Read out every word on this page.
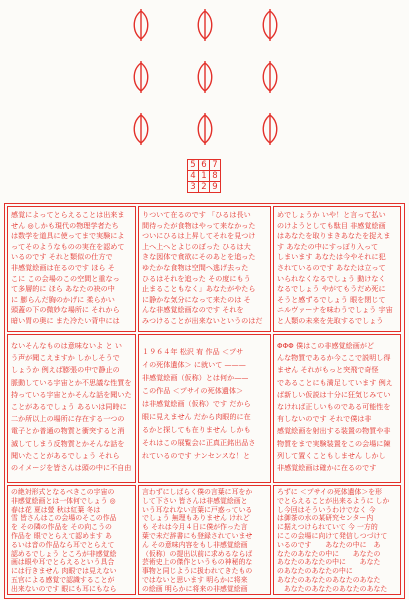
5 6 7
4 1 8
3 2 9
感覚によってとらえることは出来ま
せん ◎しかも現代の物理学者たち
は数学を道具に使ってまで実験によ
ってそのようなものの実在を認めて
いるのです それと類似の仕方で
非感覚絵画は在るのです ほら そ
こに この会場のこの空間と重なっ
て多層的に ほら あなたの袂の中
に 膨らんだ胸のかげに 柔らかい
頭蓋の下の微妙な場所に それから
暗い胃の奥に また冷たい背中には
りついて在るのです 「ひるは長い
間待ったが食物はやって来なかった
ついにひるは上昇してそれを見つけ
上へ上へとよじのぼった ひるは大
きな図体で貪欲にそのあとを追った
ゆたかな食物は空間へ逃げ去った
ひるはそれを追った その度にもう
止まることもなく」あなたがやたら
に静かな気分になって来たのは そ
んな非感覚絵画なのです それを
みつけることが出来ないというのはだ
めでしょうか いや！と言って払い
のけようとしても駄目 非感覚絵画
はあなたを取りまきあなたを捉えま
す あなたの中にすっぽり入って
しまいます あなたは今やそれに犯
されているのです あなたは立って
いられなくなるでしょう 動けなく
なるでしょう やがてもうだめ死に
そうと感ずるでしょう 眼を閉じて
ニルヴァーナを味わうでしょう 宇宙
と人類の未来を先取するでしょう
ないそんなものは意味ないよ と い
う声が聞こえますか しかしそうで
しょうか 例えば膨張の中で静止の
脈動している宇宙とか不思議な性質を
持っている宇宙とかそんな話を聞いた
ことがあるでしょう あるいは同時に
二か所以上の場所に存在する一つの
電子とか普通の物質と衝突すると消
滅してしまう反物質とかそんな話を
聞いたことがあるでしょう それら
のイメージを皆さんは頭の中に不自由
１９６４年 松沢 宥 作品 ＜プサ
イの死体遺体＞ に就いて ———
非感覚絵画（仮称）とは何か——
この作品 ＜プサイの死体遺体＞
は非感覚絵画（仮称）です だから
眼に見えません だから肉眼的に在
るかと探しても在りません しかも
それはこの展覧会に正真正銘出品さ
れているのです ナンセンスな！と
ΦΦΦ 僕はこの非感覚絵画がど
んな物質であるか今ここで説明し得
ません それがもっと突飛で奇怪
であることにも満足しています 例え
ば新しい仮説は十分に狂気じみてい
なければ正しいものである可能性を
有しないのです それで僕は非
感覚絵画を射出する装置の物質や非
物質をまで実験装置をこの会場に陳
列して置くこともしません しかし
非感覚絵画は確かに在るのです
の絶対形式となるべきこの宇宙の
非感覚絵画とは一体何でしょう ◎
春は花 夏は螢 秋は紅葉 冬は
雪 皆さんはこの会場のそこの作品
を その隣の作品を その向こうの
作品を 眼でとらえて認めます あ
るいは音の作品なら耳でとらえて
認めるでしょう ところが非感覚絵
画は眼や耳でとらえるという具合
には行きません 肉眼では見えない
五官による感覚で認識することが
出来ないのです 眼にも耳にもなら
言わずにしばらく僕の言葉に耳をか
して下さい 皆さんは非感覚絵画と
いう耳なれない言葉に戸惑っている
でしょう 無理もありません けれど
も それは今月４日に僕が作った言
葉で未だ辞書にも登録されていませ
ん その意味内容をもし非感覚絵画
（仮称）の提出以前に求めるならば
芸術史上の傑作というもの神秘的な
事物と同じように扱われてきたもの
ではないと思います 明らかに将来
の絵画 明らかに将来の非感覚絵画
ろずに ＜プサイの死体遺体＞を形
でとらえることが出来るように しか
し今回はそういうわけでなく 今
は御茶の水の某研究センター内
に据えつけられていて 今 一方的
にこの会場に向けて発信しつづけて
いるのです　　あなたの中に　あ
なたのあなたの中に　　あなたの
あなたのあなたの中に　　あなた
のあなたのあなたの中に
あなたのあなたのあなたのあなた
　あなたのあなたのあなたのあなた
